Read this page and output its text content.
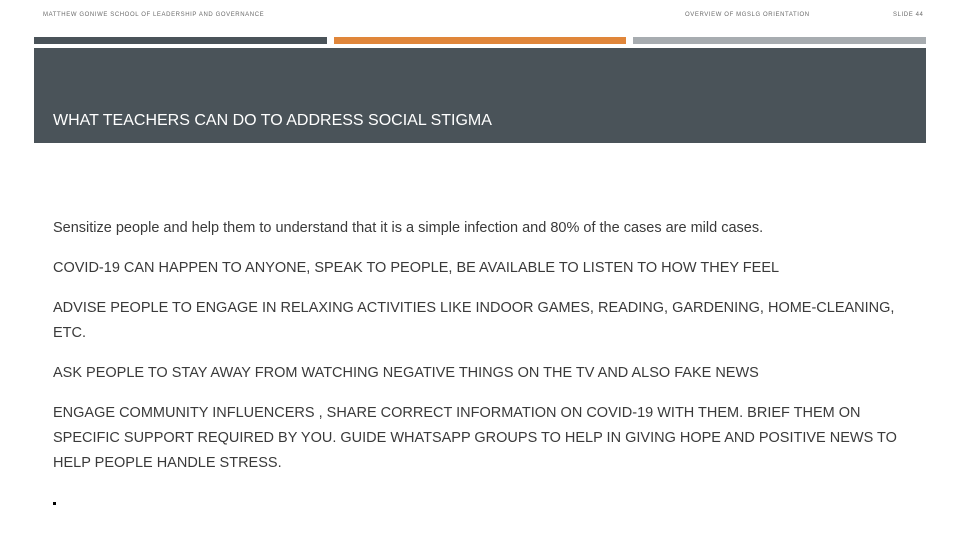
MATTHEW GONIWE SCHOOL OF LEADERSHIP AND GOVERNANCE	OVERVIEW OF MGSLG ORIENTATION	SLIDE 44
WHAT TEACHERS CAN DO TO ADDRESS SOCIAL STIGMA

Sensitize people and help them to understand that it is a simple infection and 80% of the cases are mild cases.

COVID-19 CAN HAPPEN TO ANYONE, SPEAK TO PEOPLE, BE AVAILABLE TO LISTEN TO HOW THEY FEEL

ADVISE PEOPLE TO ENGAGE IN RELAXING ACTIVITIES LIKE INDOOR GAMES, READING, GARDENING, HOME-CLEANING, ETC.

ASK PEOPLE TO STAY AWAY FROM WATCHING NEGATIVE THINGS ON THE TV AND ALSO FAKE NEWS

ENGAGE COMMUNITY INFLUENCERS , SHARE CORRECT INFORMATION ON COVID-19 WITH THEM. BRIEF THEM ON SPECIFIC SUPPORT REQUIRED BY YOU. GUIDE WHATSAPP GROUPS TO HELP IN GIVING HOPE AND POSITIVE NEWS TO HELP PEOPLE HANDLE STRESS.
